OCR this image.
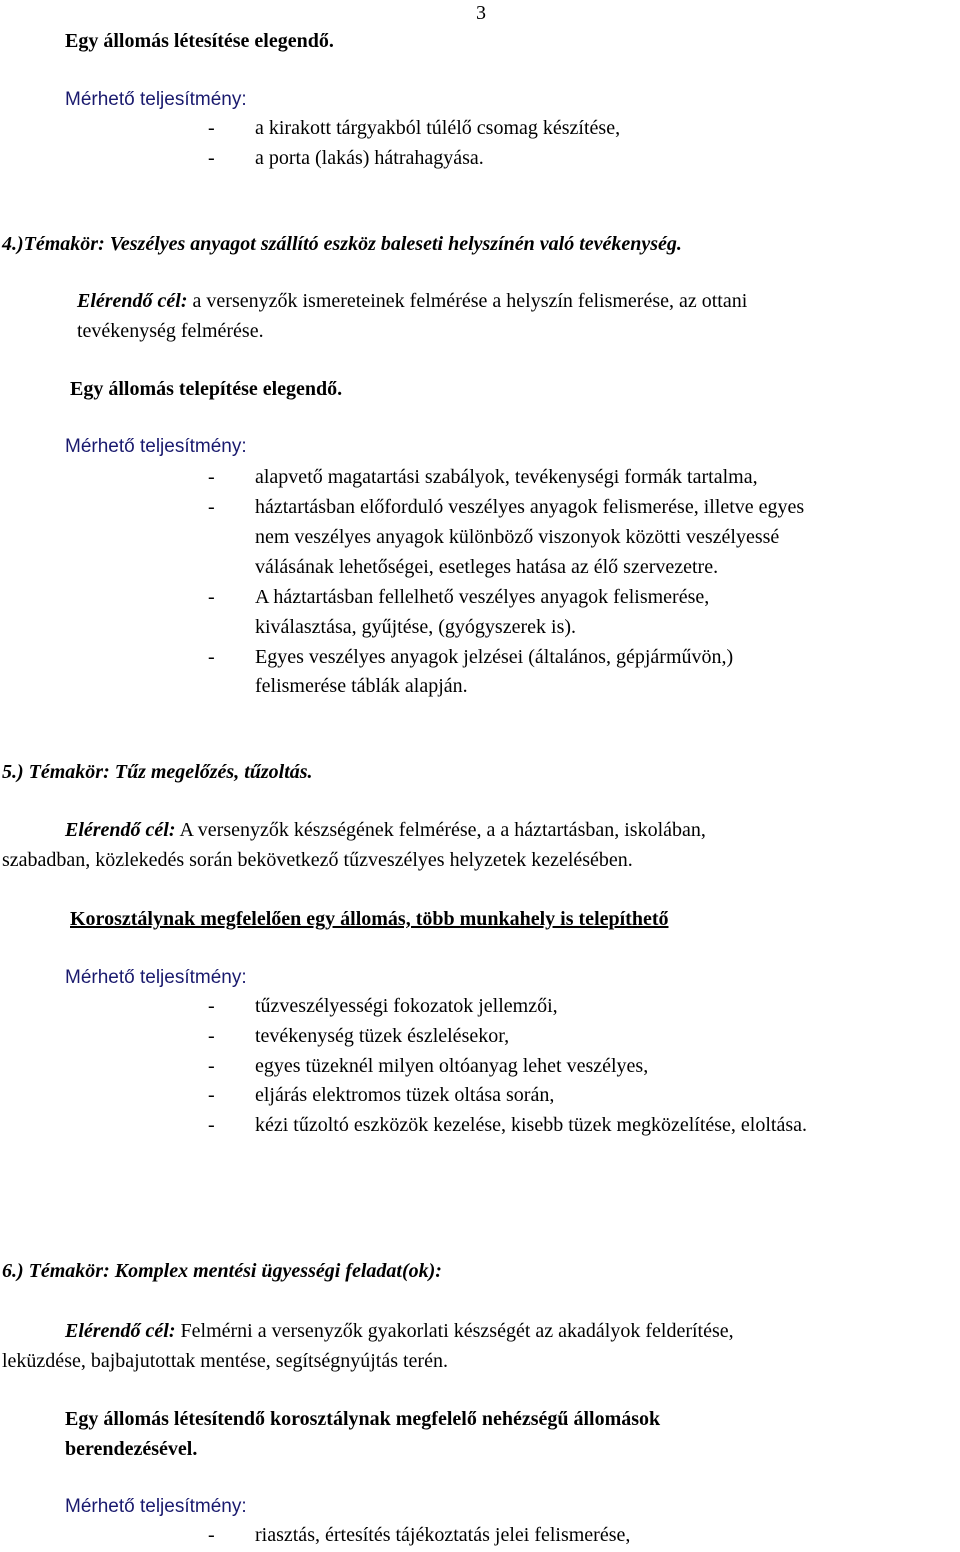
3
Egy állomás létesítése elegendő.
Mérhető teljesítmény:
- a kirakott tárgyakból túlélő csomag készítése,
- a porta (lakás) hátrahagyása.
4.)Témakör: Veszélyes anyagot szállító eszköz baleseti helyszínén való tevékenység.
Elérendő cél: a versenyzők ismereteinek felmérése a helyszín felismerése, az ottani
tevékenység felmérése.
Egy állomás telepítése elegendő.
Mérhető teljesítmény:
- alapvető magatartási szabályok, tevékenységi formák tartalma,
- háztartásban előforduló veszélyes anyagok felismerése, illetve egyes
nem veszélyes anyagok különböző viszonyok közötti veszélyessé
válásának lehetőségei, esetleges hatása az élő szervezetre.
- A háztartásban fellelhető veszélyes anyagok felismerése,
kiválasztása, gyűjtése, (gyógyszerek is).
- Egyes veszélyes anyagok jelzései (általános, gépjárművön,)
felismerése táblák alapján.
5.) Témakör: Tűz megelőzés, tűzoltás.
Elérendő cél: A versenyzők készségének felmérése, a a háztartásban, iskolában,
szabadban, közlekedés során bekövetkező tűzveszélyes helyzetek kezelésében.
Korosztálynak megfelelően egy állomás, több munkahely is telepíthető
Mérhető teljesítmény:
- tűzveszélyességi fokozatok jellemzői,
- tevékenység tüzek észlelésekor,
- egyes tüzeknél milyen oltóanyag lehet veszélyes,
- eljárás elektromos tüzek oltása során,
- kézi tűzoltó eszközök kezelése, kisebb tüzek megközelítése, eloltása.
6.) Témakör: Komplex mentési ügyességi feladat(ok):
Elérendő cél: Felmérni a versenyzők gyakorlati készségét az akadályok felderítése,
leküzdése, bajbajutottak mentése, segítségnyújtás terén.
Egy állomás létesítendő korosztálynak megfelelő nehézségű állomások
berendezésével.
Mérhető teljesítmény:
- riasztás, értesítés tájékoztatás jelei felismerése,
